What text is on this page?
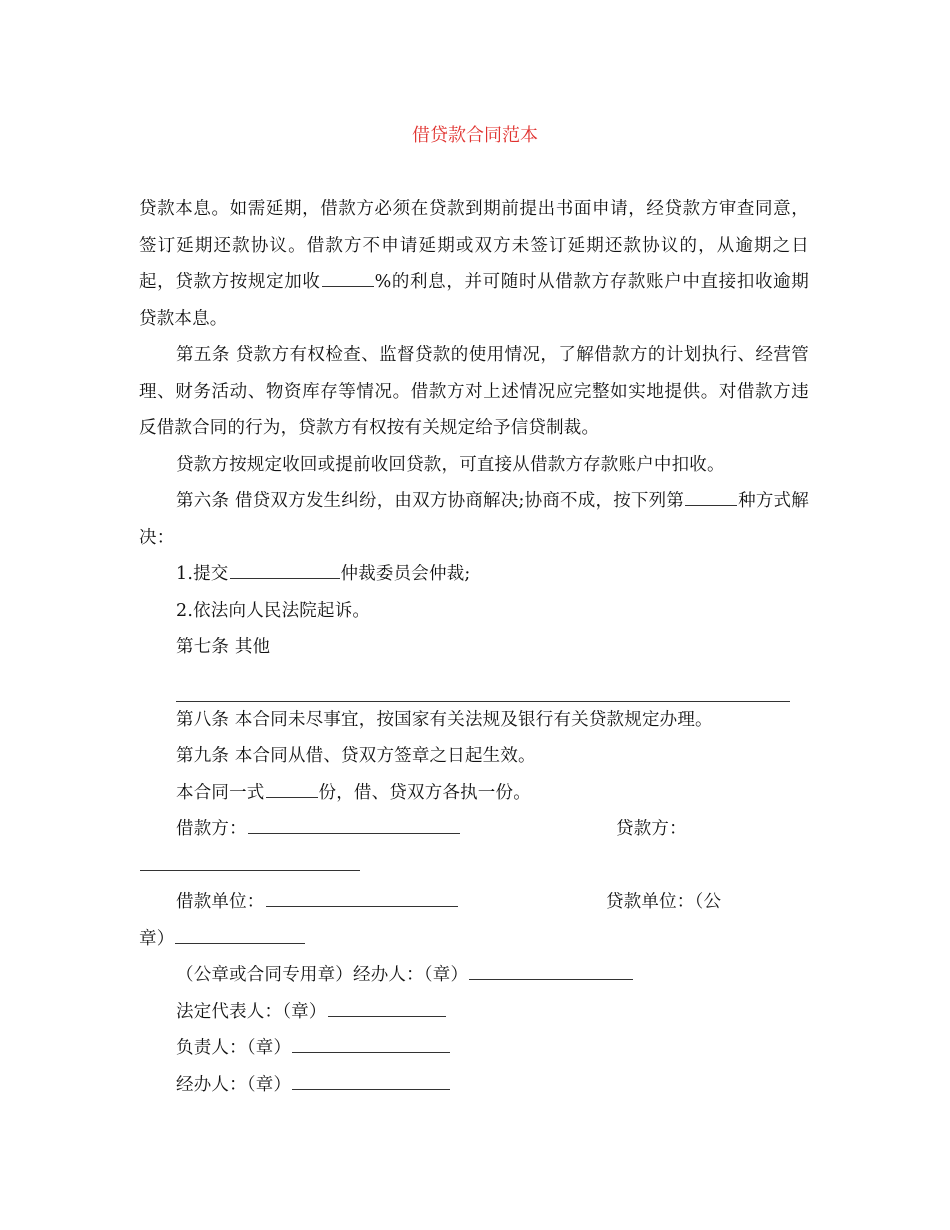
借贷款合同范本

贷款本息。如需延期，借款方必须在贷款到期前提出书面申请，经贷款方审查同意，签订延期还款协议。借款方不申请延期或双方未签订延期还款协议的，从逾期之日起，贷款方按规定加收	%的利息，并可随时从借款方存款账户中直接扣收逾期贷款本息。

第五条 贷款方有权检查、监督贷款的使用情况，了解借款方的计划执行、经营管理、财务活动、物资库存等情况。借款方对上述情况应完整如实地提供。对借款方违反借款合同的行为，贷款方有权按有关规定给予信贷制裁。

贷款方按规定收回或提前收回贷款，可直接从借款方存款账户中扣收。

第六条 借贷双方发生纠纷，由双方协商解决;协商不成，按下列第	种方式解决：

1.提交	仲裁委员会仲裁;

2.依法向人民法院起诉。

第七条 其他

第八条 本合同未尽事宜，按国家有关法规及银行有关贷款规定办理。

第九条 本合同从借、贷双方签章之日起生效。

本合同一式	份，借、贷双方各执一份。

借款方：	贷款方：
借款单位：	贷款单位：（公
章）

（公章或合同专用章）经办人：（章）

法定代表人：（章）

负责人：（章）

经办人：（章）
